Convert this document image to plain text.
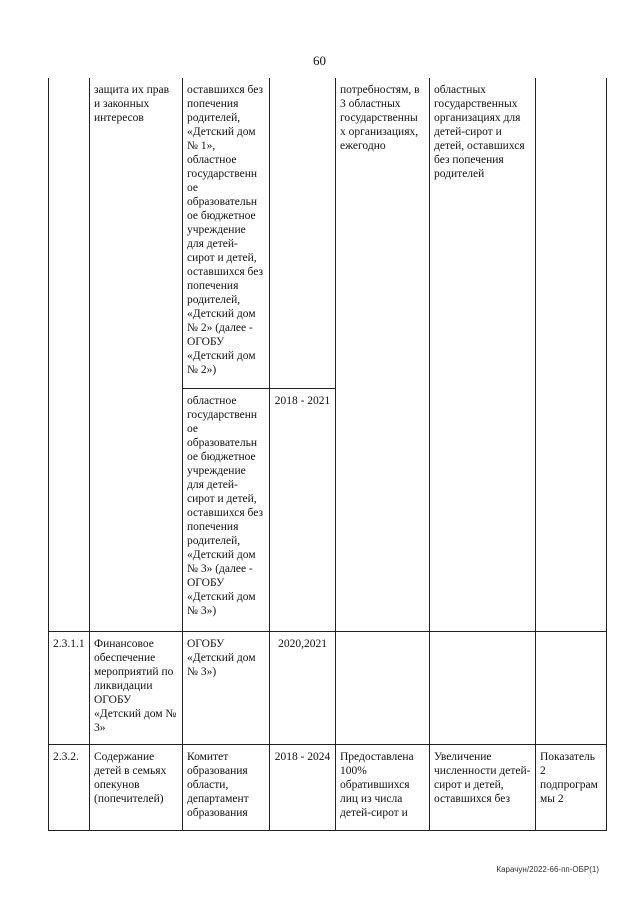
60
	защита их прав и законных интересов	оставшихся без попечения родителей, «Детский дом № 1», областное государственн ое образовательн ое бюджетное учреждение для детей-сирот и детей, оставшихся без попечения родителей, «Детский дом № 2» (далее - ОГОБУ «Детский дом № 2»)		потребностям, в 3 областных государственны х организациях, ежегодно	областных государственных организациях для детей-сирот и детей, оставшихся без попечения родителей	
		областное государственн ое образовательн ое бюджетное учреждение для детей-сирот и детей, оставшихся без попечения родителей, «Детский дом № 3» (далее - ОГОБУ «Детский дом № 3»)	2018 - 2021			
2.3.1.1	Финансовое обеспечение мероприятий по ликвидации ОГОБУ «Детский дом № 3»	ОГОБУ «Детский дом № 3»)	2020,2021			
2.3.2.	Содержание детей в семьях опекунов (попечителей)	Комитет образования области, департамент образования	2018 - 2024	Предоставлена 100% обратившихся лиц из числа детей-сирот и	Увеличение численности детей-сирот и детей, оставшихся без	Показатель 2 подпрограм мы 2
Карачун/2022-66-пп-ОБР(1)
